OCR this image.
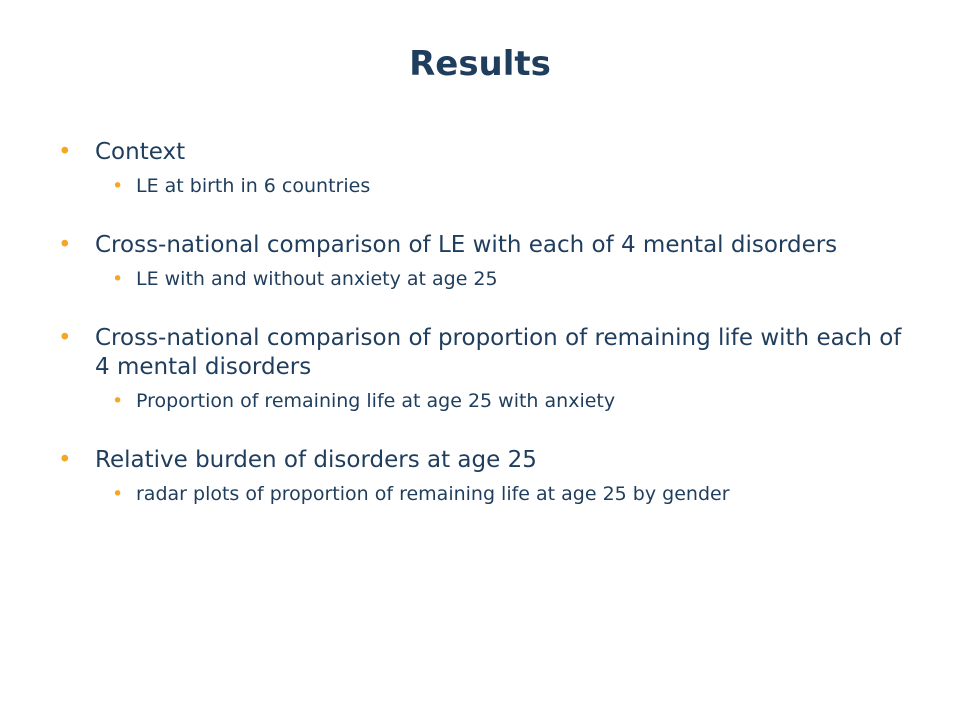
Results
• Context
• LE at birth in 6 countries
• Cross-national comparison of LE with each of 4 mental disorders
• LE with and without anxiety at age 25
• Cross-national comparison of proportion of remaining life with each of 4 mental disorders
• Proportion of remaining life at age 25 with anxiety
• Relative burden of disorders at age 25
• radar plots of proportion of remaining life at age 25 by gender
